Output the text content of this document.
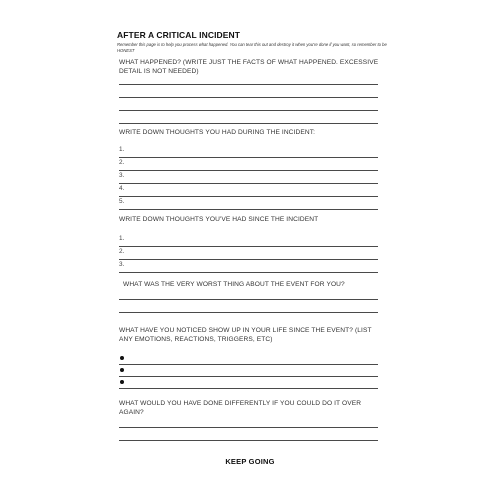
AFTER A CRITICAL INCIDENT
Remember this page is to help you process what happened. You can tear this out and destroy it when you're done if you want, so remember to be HONEST
WHAT HAPPENED? (WRITE JUST THE FACTS OF WHAT HAPPENED. EXCESSIVE DETAIL IS NOT NEEDED)
WRITE DOWN THOUGHTS YOU HAD DURING THE INCIDENT:
1.
2.
3.
4.
5.
WRITE DOWN THOUGHTS YOU'VE HAD SINCE THE INCIDENT
1.
2.
3.
WHAT WAS THE VERY WORST THING ABOUT THE EVENT FOR YOU?
WHAT HAVE YOU NOTICED SHOW UP IN YOUR LIFE SINCE THE EVENT? (LIST ANY EMOTIONS, REACTIONS, TRIGGERS, ETC)
WHAT WOULD YOU HAVE DONE DIFFERENTLY IF YOU COULD DO IT OVER AGAIN?
KEEP GOING
